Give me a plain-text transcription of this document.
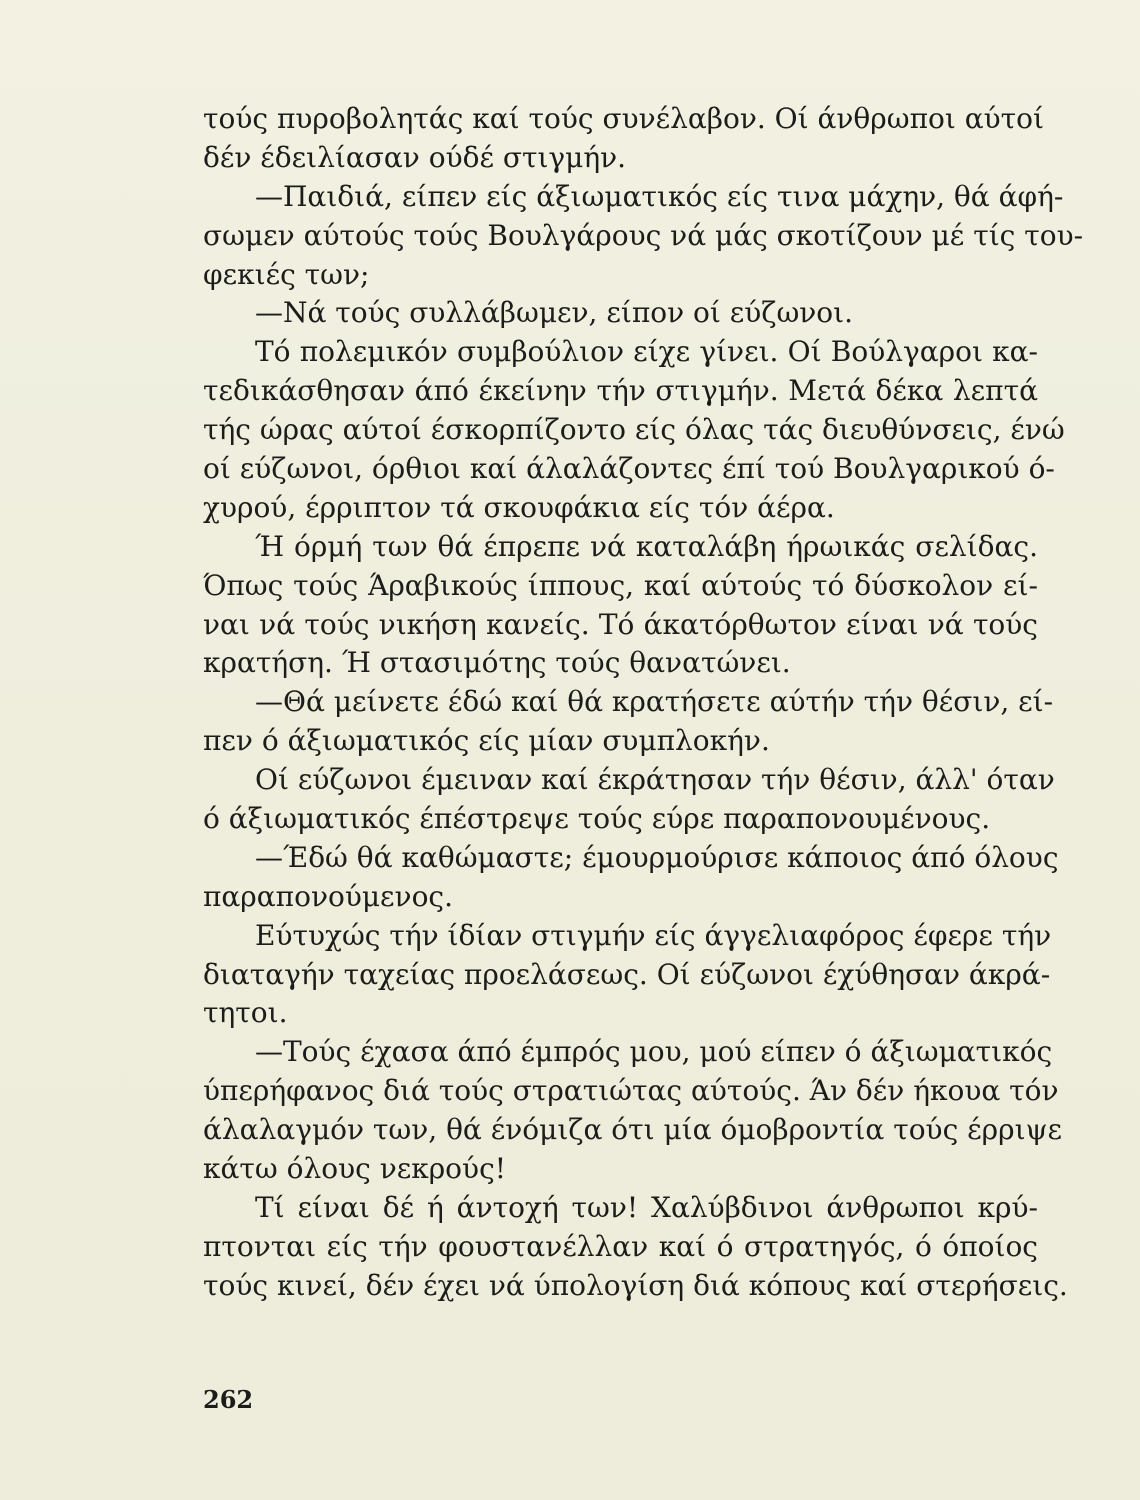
τούς πυροβολητάς καί τούς συνέλαβον. Οί άνθρωποι αύτοί
δέν έδειλίασαν ούδέ στιγμήν.
—Παιδιά, είπεν είς άξιωματικός είς τινα μάχην, θά άφή-
σωμεν αύτούς τούς Βουλγάρους νά μάς σκοτίζουν μέ τίς του-
φεκιές των;
—Νά τούς συλλάβωμεν, είπον οί εύζωνοι.
Τό πολεμικόν συμβούλιον είχε γίνει. Οί Βούλγαροι κα-
τεδικάσθησαν άπό έκείνην τήν στιγμήν. Μετά δέκα λεπτά
τής ώρας αύτοί έσκορπίζοντο είς όλας τάς διευθύνσεις, ένώ
οί εύζωνοι, όρθιοι καί άλαλάζοντες έπί τού Βουλγαρικού ό-
χυρού, έρριπτον τά σκουφάκια είς τόν άέρα.
Ή όρμή των θά έπρεπε νά καταλάβη ήρωικάς σελίδας.
Όπως τούς Άραβικούς ίππους, καί αύτούς τό δύσκολον εί-
ναι νά τούς νικήση κανείς. Τό άκατόρθωτον είναι νά τούς
κρατήση. Ή στασιμότης τούς θανατώνει.
—Θά μείνετε έδώ καί θά κρατήσετε αύτήν τήν θέσιν, εί-
πεν ό άξιωματικός είς μίαν συμπλοκήν.
Οί εύζωνοι έμειναν καί έκράτησαν τήν θέσιν, άλλ' όταν
ό άξιωματικός έπέστρεψε τούς εύρε παραπονουμένους.
—Έδώ θά καθώμαστε; έμουρμούρισε κάποιος άπό όλους
παραπονούμενος.
Εύτυχώς τήν ίδίαν στιγμήν είς άγγελιαφόρος έφερε τήν
διαταγήν ταχείας προελάσεως. Οί εύζωνοι έχύθησαν άκρά-
τητοι.
—Τούς έχασα άπό έμπρός μου, μού είπεν ό άξιωματικός
ύπερήφανος διά τούς στρατιώτας αύτούς. Άν δέν ήκουα τόν
άλαλαγμόν των, θά ένόμιζα ότι μία όμοβροντία τούς έρριψε
κάτω όλους νεκρούς!
Τί είναι δέ ή άντοχή των! Χαλύβδινοι άνθρωποι κρύ-
πτονται είς τήν φουστανέλλαν καί ό στρατηγός, ό όποίος
τούς κινεί, δέν έχει νά ύπολογίση διά κόπους καί στερήσεις.
262
